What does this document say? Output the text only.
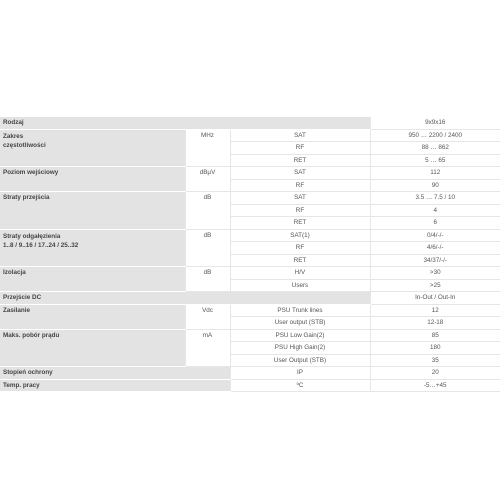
Rodzaj			9x9x16

Zakres
częstotliwości	MHz	SAT	950 … 2200 / 2400
		RF	88 … 862
		RET	5 … 65
Poziom wejściowy	dBµV	SAT	112
		RF	90
Straty przejścia	dB	SAT	3.5 … 7.5 / 10
		RF	4
		RET	6

Straty odgałęzienia
1..8 / 9..16 / 17..24 / 25..32	dB	SAT(1)	0/4/-/-
		RF	4/6/-/-
		RET	34/37/-/-
Izolacja	dB	H/V	>30
		Users	>25
Przejście DC			In-Out / Out-In
Zasilanie	Vdc	PSU Trunk lines	12
		User output (STB)	12-18
Maks. pobór prądu	mA	PSU Low Gain(2)	85
		PSU High Gain(2)	180
		User Output (STB)	35
Stopień ochrony		IP	20
Temp. pracy		ºC	-5…+45
